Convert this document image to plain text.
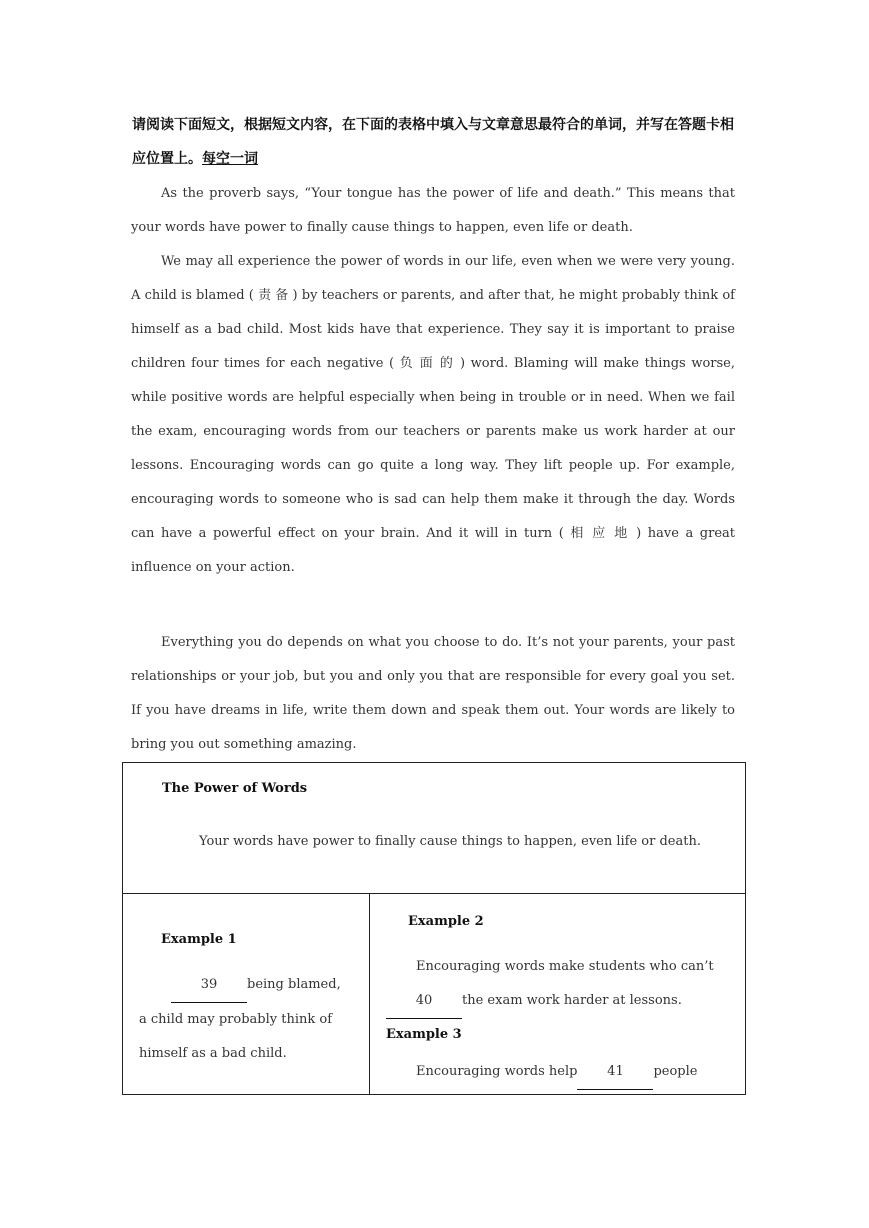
请阅读下面短文，根据短文内容，在下面的表格中填入与文章意思最符合的单词，并写在答题卡相应位置上。每空一词
As the proverb says, “Your tongue has the power of life and death.” This means that your words have power to finally cause things to happen, even life or death.
We may all experience the power of words in our life, even when we were very young. A child is blamed ( 责 备 ) by teachers or parents, and after that, he might probably think of himself as a bad child. Most kids have that experience. They say it is important to praise children four times for each negative ( 负 面 的 ) word. Blaming will make things worse, while positive words are helpful especially when being in trouble or in need. When we fail the exam, encouraging words from our teachers or parents make us work harder at our lessons. Encouraging words can go quite a long way. They lift people up. For example, encouraging words to someone who is sad can help them make it through the day. Words can have a powerful effect on your brain. And it will in turn ( 相 应 地 ) have a great influence on your action.
Everything you do depends on what you choose to do. It’s not your parents, your past relationships or your job, but you and only you that are responsible for every goal you set. If you have dreams in life, write them down and speak them out. Your words are likely to bring you out something amazing.
The Power of Words
Your words have power to finally cause things to happen, even life or death.

Example 1
39 being blamed,
a child may probably think of himself as a bad child.

Example 2
Encouraging words make students who can’t
40 the exam work harder at lessons.
Example 3
Encouraging words help 41 people
